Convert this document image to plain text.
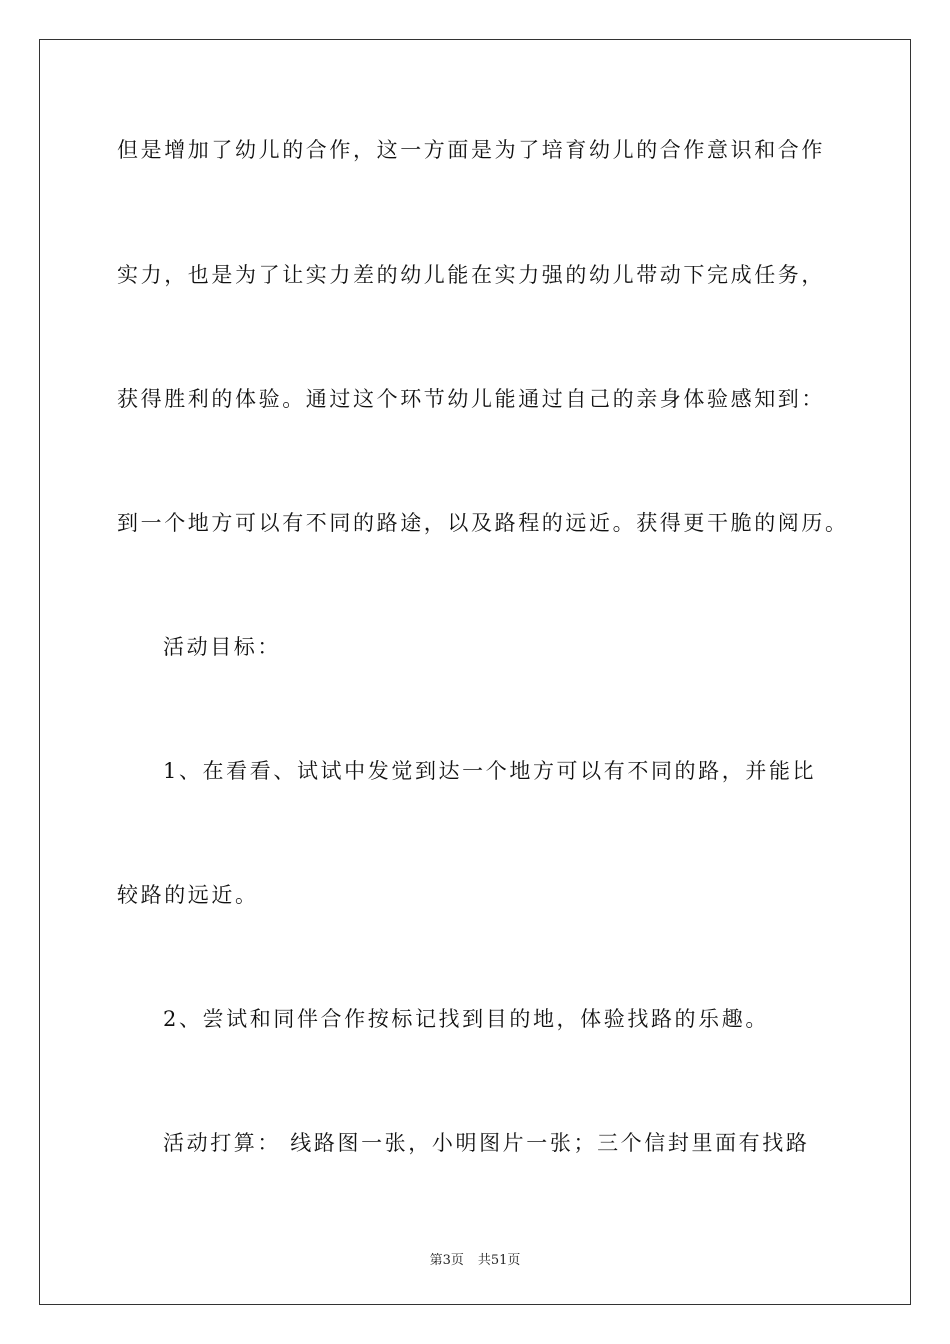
但是增加了幼儿的合作，这一方面是为了培育幼儿的合作意识和合作
实力，也是为了让实力差的幼儿能在实力强的幼儿带动下完成任务，
获得胜利的体验。通过这个环节幼儿能通过自己的亲身体验感知到：
到一个地方可以有不同的路途，以及路程的远近。获得更干脆的阅历。
活动目标：
1、在看看、试试中发觉到达一个地方可以有不同的路，并能比
较路的远近。
2、尝试和同伴合作按标记找到目的地，体验找路的乐趣。
活动打算： 线路图一张，小明图片一张；三个信封里面有找路
第3页 共51页
